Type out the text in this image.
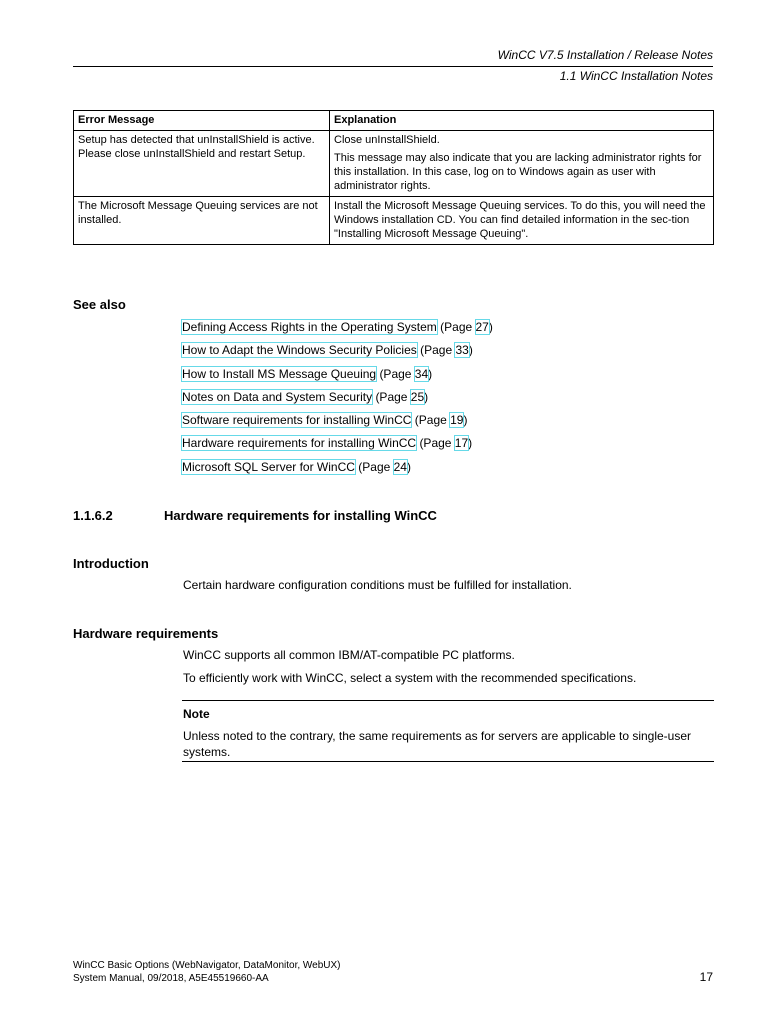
WinCC V7.5 Installation / Release Notes
1.1 WinCC Installation Notes
Error Message	Explanation
Setup has detected that unInstallShield is active. Please close unInstallShield and restart Setup.	Close unInstallShield.

This message may also indicate that you are lacking administrator rights for this installation. In this case, log on to Windows again as user with administrator rights.

The Microsoft Message Queuing services are not installed.	Install the Microsoft Message Queuing services. To do this, you will need the Windows installation CD. You can find detailed information in the sec-tion "Installing Microsoft Message Queuing".

See also
Defining Access Rights in the Operating System (Page 27)
How to Adapt the Windows Security Policies (Page 33)
How to Install MS Message Queuing (Page 34)
Notes on Data and System Security (Page 25)
Software requirements for installing WinCC (Page 19)
Hardware requirements for installing WinCC (Page 17)
Microsoft SQL Server for WinCC (Page 24)
1.1.6.2	Hardware requirements for installing WinCC
Introduction
Certain hardware configuration conditions must be fulfilled for installation.
Hardware requirements
WinCC supports all common IBM/AT-compatible PC platforms.
To efficiently work with WinCC, select a system with the recommended specifications.
Note
Unless noted to the contrary, the same requirements as for servers are applicable to single-user systems.
WinCC Basic Options (WebNavigator, DataMonitor, WebUX)
System Manual, 09/2018, A5E45519660-AA	17
